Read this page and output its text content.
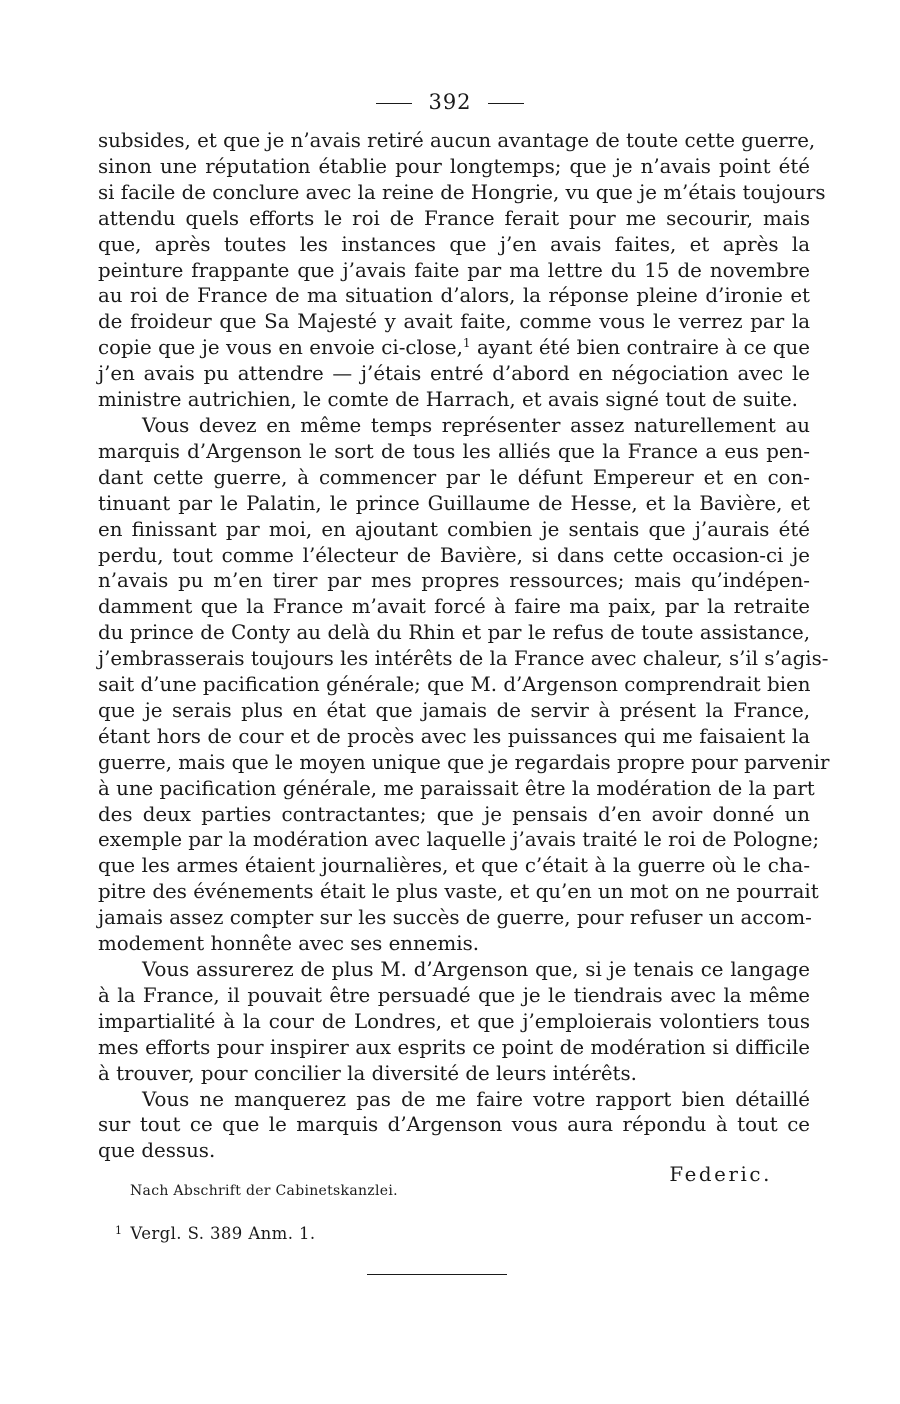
392
subsides, et que je n’avais retiré aucun avantage de toute cette guerre,
sinon une réputation établie pour longtemps; que je n’avais point été
si facile de conclure avec la reine de Hongrie, vu que je m’étais toujours
attendu quels efforts le roi de France ferait pour me secourir, mais
que, après toutes les instances que j’en avais faites, et après la
peinture frappante que j’avais faite par ma lettre du 15 de novembre
au roi de France de ma situation d’alors, la réponse pleine d’ironie et
de froideur que Sa Majesté y avait faite, comme vous le verrez par la
copie que je vous en envoie ci-close,$^1$ ayant été bien contraire à ce que
j’en avais pu attendre — j’étais entré d’abord en négociation avec le
ministre autrichien, le comte de Harrach, et avais signé tout de suite.
Vous devez en même temps représenter assez naturellement au
marquis d’Argenson le sort de tous les alliés que la France a eus pen-
dant cette guerre, à commencer par le défunt Empereur et en con-
tinuant par le Palatin, le prince Guillaume de Hesse, et la Bavière, et
en finissant par moi, en ajoutant combien je sentais que j’aurais été
perdu, tout comme l’électeur de Bavière, si dans cette occasion-ci je
n’avais pu m’en tirer par mes propres ressources; mais qu’indépen-
damment que la France m’avait forcé à faire ma paix, par la retraite
du prince de Conty au delà du Rhin et par le refus de toute assistance,
j’embrasserais toujours les intérêts de la France avec chaleur, s’il s’agis-
sait d’une pacification générale; que M. d’Argenson comprendrait bien
que je serais plus en état que jamais de servir à présent la France,
étant hors de cour et de procès avec les puissances qui me faisaient la
guerre, mais que le moyen unique que je regardais propre pour parvenir
à une pacification générale, me paraissait être la modération de la part
des deux parties contractantes; que je pensais d’en avoir donné un
exemple par la modération avec laquelle j’avais traité le roi de Pologne;
que les armes étaient journalières, et que c’était à la guerre où le cha-
pitre des événements était le plus vaste, et qu’en un mot on ne pourrait
jamais assez compter sur les succès de guerre, pour refuser un accom-
modement honnête avec ses ennemis.
Vous assurerez de plus M. d’Argenson que, si je tenais ce langage
à la France, il pouvait être persuadé que je le tiendrais avec la même
impartialité à la cour de Londres, et que j’emploierais volontiers tous
mes efforts pour inspirer aux esprits ce point de modération si difficile
à trouver, pour concilier la diversité de leurs intérêts.
Vous ne manquerez pas de me faire votre rapport bien détaillé
sur tout ce que le marquis d’Argenson vous aura répondu à tout ce
que dessus.
Federic.
Nach Abschrift der Cabinetskanzlei.
$^1$ Vergl. S. 389 Anm. 1.
